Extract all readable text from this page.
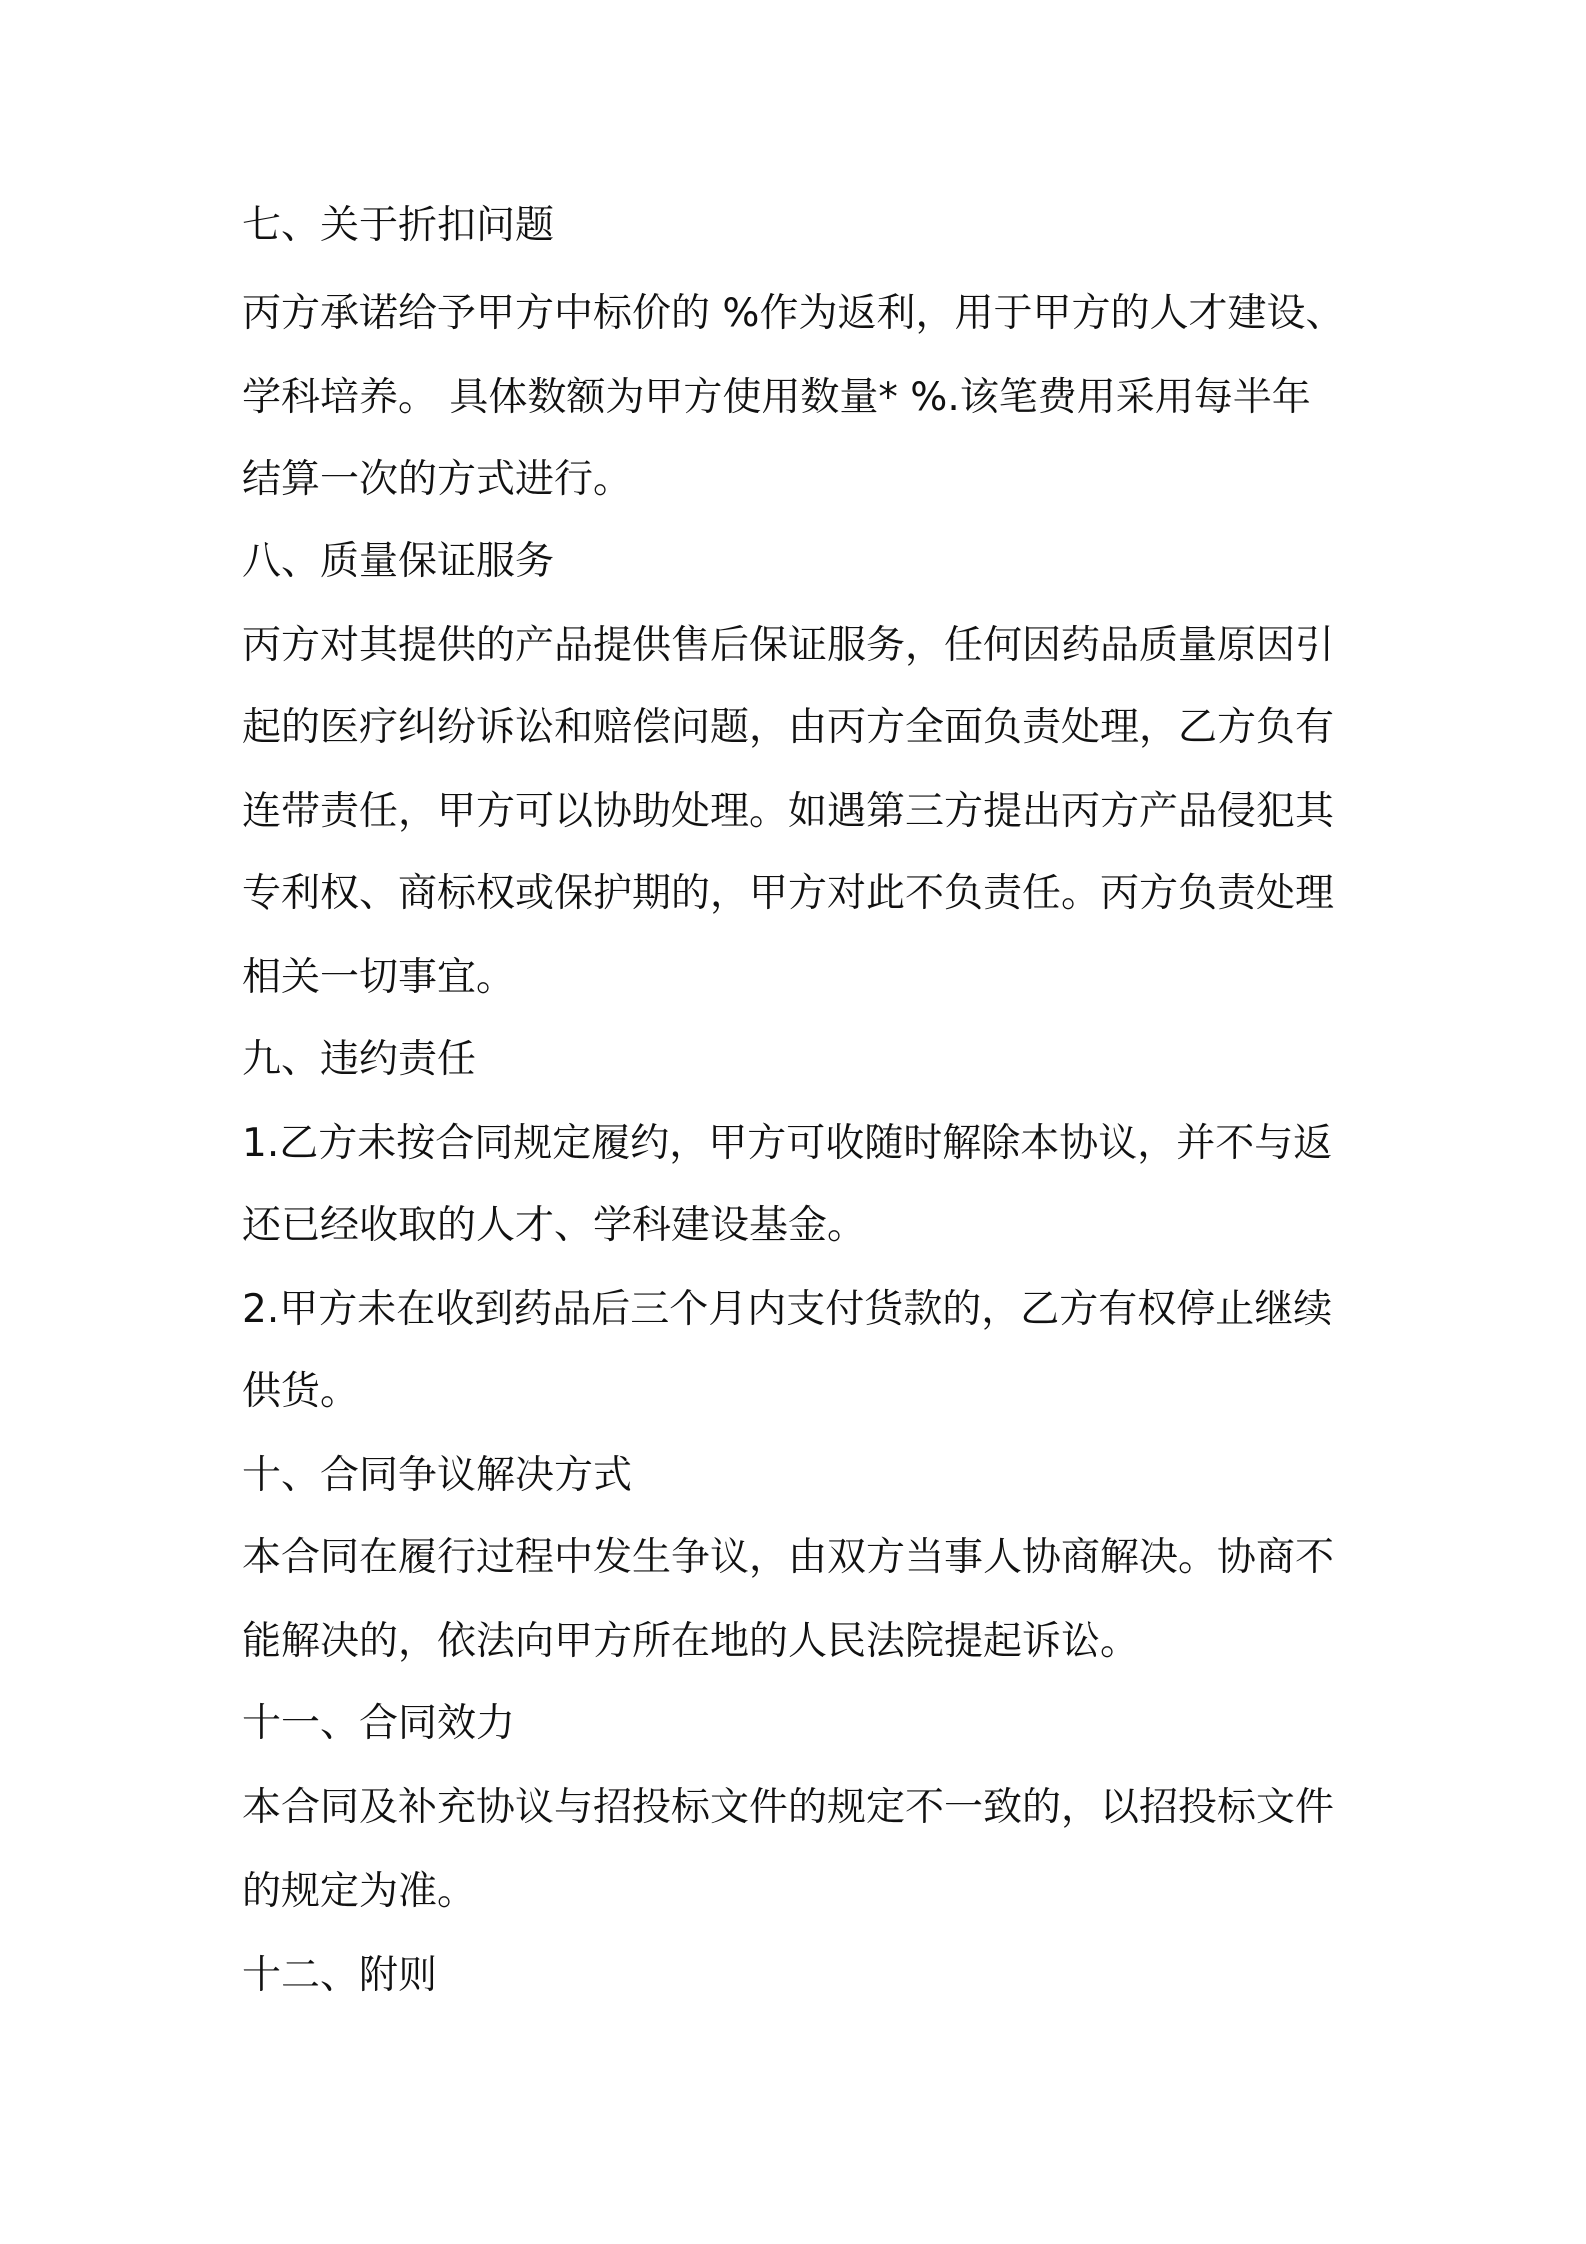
七、关于折扣问题
丙方承诺给予甲方中标价的 %作为返利，用于甲方的人才建设、
学科培养。 具体数额为甲方使用数量* %.该笔费用采用每半年
结算一次的方式进行。
八、质量保证服务
丙方对其提供的产品提供售后保证服务，任何因药品质量原因引
起的医疗纠纷诉讼和赔偿问题，由丙方全面负责处理，乙方负有
连带责任，甲方可以协助处理。如遇第三方提出丙方产品侵犯其
专利权、商标权或保护期的，甲方对此不负责任。丙方负责处理
相关一切事宜。
九、违约责任
1.乙方未按合同规定履约，甲方可收随时解除本协议，并不与返
还已经收取的人才、学科建设基金。
2.甲方未在收到药品后三个月内支付货款的，乙方有权停止继续
供货。
十、合同争议解决方式
本合同在履行过程中发生争议，由双方当事人协商解决。协商不
能解决的，依法向甲方所在地的人民法院提起诉讼。
十一、合同效力
本合同及补充协议与招投标文件的规定不一致的，以招投标文件
的规定为准。
十二、附则
